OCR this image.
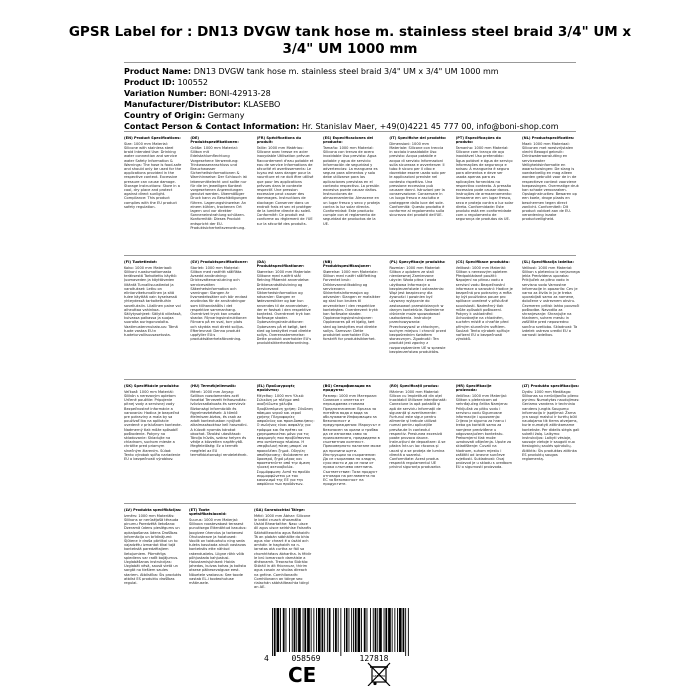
GPSR Label for : DN13 DVGW tank hose m. stainless steel braid 3/4" UM x 3/4" UM 1000 mm
Product Name: DN13 DVGW tank hose m. stainless steel braid 3/4" UM x 3/4" UM 1000 mm
Product ID: 100552
Variation Number: BONI-42913-28
Manufacturer/Distributor: KLASEBO
Country of Origin: Germany
Contact Person & Contact Information: Hr. Stanislav Maer, +49(0)4221 45 777 00, info@boni-shop.com
(EN) Product Specifications:
Size: 1000 mm Material: Silicone with stainless steel braid Intended Use: Drinking water connection and service water Safety Information & Warnings: The hose is food-safe and should only be used for the applications provided in the respective context. Excessive pressure can cause damage. Storage Instructions: Store in a cool, dry place and protect against direct sunlight. Compliance: This product complies with the EU product safety regulation.
(DE) Produktspezifikationen:
Größe: 1000 mm Material: Silikon mit Edelstahlumflechtung Vorgesehene Verwendung: Trinkwasseranschluss und Brauchwasser Sicherheitsinformationen & Warnhinweise: Der Schlauch ist lebensmittelecht und sollte nur für die im jeweiligen Kontext vorgesehenen Anwendungen genutzt werden. Übermäßiger Druck kann zu Beschädigungen führen. Lagerungshinweise: An einem kühlen, trockenen Ort lagern und vor direkter Sonneneinstrahlung schützen. Konformität: Dieses Produkt entspricht der EU-Produktsicherheitsverordnung.
(FR) Spécifications du produit:
Taille: 1000 mm Matériau: Silicone avec tresse en acier inoxydable Utilisation prévue: Raccordement d'eau potable et eau de service Informations de sécurité et avertissements: Le tuyau est sans danger pour la nourriture et ne doit être utilisé que pour les applications prévues dans le contexte respectif. Une pression excessive peut causer des dommages. Instructions de stockage: Conserver dans un endroit frais et sec et protéger de la lumière directe du soleil. Conformité: Ce produit est conforme au règlement de l'UE sur la sécurité des produits.
(ES) Especificaciones del producto:
Tamaño: 1000 mm Material: Silicona con trenza de acero inoxidable Uso previsto: Agua potable y agua de servicio Información de seguridad y advertencias: La manguera es segura para alimentos y solo debe utilizarse para las aplicaciones previstas en el contexto respectivo. La presión excesiva puede causar daños. Instrucciones de almacenamiento: Almacene en un lugar fresco y seco y proteja contra la luz solar directa. Conformidad: Este producto cumple con el reglamento de seguridad de productos de la UE.
(IT) Specifiche del prodotto:
Dimensioni: 1000 mm Materiale: Silicone con treccia in acciaio inossidabile Uso previsto: Acqua potabile e acqua di servizio Informazioni sulla sicurezza e avvertenze: Il tubo è sicuro per il cibo e dovrebbe essere usato solo per le applicazioni previste nel contesto rispettivo. Una pressione eccessiva può causare danni. Istruzioni per la conservazione: Conservare in un luogo fresco e asciutto e proteggere dalla luce del sole. Conformità: Questo prodotto è conforme al regolamento sulla sicurezza dei prodotti dell'UE.
(PT) Especificações do produto:
Tamanho: 1000 mm Material: Silicone com trança de aço inoxidável Uso pretendido: Água potável e água de serviço Informações de segurança e avisos: A mangueira é segura para alimentos e deve ser usada apenas para as aplicações fornecidas no respectivo contexto. A pressão excessiva pode causar danos. Instruções de armazenamento: Armazene em um lugar fresco, seco e proteja contra a luz solar direta. Conformidade: Este produto está em conformidade com o regulamento de segurança de produtos da UE.
(NL) Productspecificaties:
Maat: 1000 mm Materiaal: Siliconen met roestvrijstalen vlecht Beoogd gebruik: Drinkwateraansluiting en servicewater Veiligheidsinformatie en waarschuwingen: De slang is voedselveilig en mag alleen worden gebruikt voor de in de respectieve context voorziene toepassingen. Overmatige druk kan schade veroorzaken. Opslaginstructies: Bewaren op een koele, droge plaats en beschermen tegen direct zonlicht. Conformiteit: Dit product voldoet aan de EU-verordening inzake productveiligheid.
(FI) Tuotetiedot:
Koko: 1000 mm Materiaali: Silikoni ruostumattomasta teräksestä Tarkoitettu käyttö: Juomaveden ja käyttöveden liitäntä Turvallisuustiedot ja varoitukset: Letku on elintarviketurvallinen ja sitä tulee käyttää vain kyseisessä yhteydessä tarkoitettuihin sovelluksiin. Liiallinen paine voi aiheuttaa vahinkoa. Säilytysohjeet: Säilytä viileässä, kuivassa paikassa ja suojaa suoralta auringonvalolta. Vaatimustenmukaisuus: Tämä tuote vastaa EU:n tuoteturvallisuusasetusta.
(SV) Produktspecifikationer:
Storlek: 1000 mm Material: Silikon med rostfritt stålfläta Avsedd användning: Dricksvattenanslutning och servicevatten Säkerhetsinformation och varningar: Slangen är livsmedelssäker och bör endast användas för de användningar som tillhandahålls i det respektive sammanhang. Överdrivet tryck kan orsaka skador. Förvaringsinstruktioner: Förvara på en sval, torr plats och skydda mot direkt solljus. Efterlevnad: Denna produkt uppfyller EU:s produktsäkerhetsförordning.
(DA) Produktspecifikationer:
Størrelse: 1000 mm Materiale: Silikone med rustfrit stål fletning Påtænkt anvendelse: Drikkevandstilslutning og servicevand Sikkerhedsinformation og advarsler: Slangen er fødevaresikker og bør kun anvendes til de anvendelser, der er fastsat i den respektive kontekst. Overdrevet tryk kan forårsage skader. Opbevaringsinstruktioner: Opbevares på et køligt, tørt sted og beskyttet mod direkte sollys. Overensstemmelse: Dette produkt overholder EU's produktsikkerhedsforordning.
(NB) Produktspesifikasjoner:
Størrelse: 1000 mm Materiale: Silikon med rustfri stålfletting Forventet bruk: Drikkevannstilkobling og servicevann Sikkerhetsinformasjon og advarsler: Slangen er matsikker og skal kun brukes til anvendelser i den respektive konteksten. Overdrevent trykk kan forårsake skader. Oppbevaringsinstruksjoner: Oppbevares på et kjølig, tørt sted og beskyttes mot direkte sollys. Samsvar: Dette produktet overholder EUs forskrift for produktsikkerhet.
(PL) Specyfikacje produktu:
Rozmiar: 1000 mm Materiał: Silikon z oplotem ze stali nierdzewnej Zamierzone użycie: Woda pitna i woda użytkowa Informacje o bezpieczeństwie i ostrzeżenia: Wąż jest bezpieczny dla żywności i powinien być używany wyłącznie do zastosowań przewidzianych w danym kontekście. Nadmierne ciśnienie może spowodować uszkodzenia. Instrukcje przechowywania: Przechowywać w chłodnym, suchym miejscu i chronić przed bezpośrednim światłem słonecznym. Zgodność: Ten produkt jest zgodny z rozporządzeniem UE w sprawie bezpieczeństwa produktów.
(CS) Specifikace produktu:
Velikost: 1000 mm Materiál: Silikon s nerezovým opletem Předpokládané použití: Napojení na pitnou vodu a servisní vodu Bezpečnostní informace a varování: Hadice je bezpečná pro potraviny a měla by být používána pouze pro aplikace uvedené v příslušné souvislosti. Nadměrný tlak může způsobit poškození. Pokyny k uskladnění: Uchovávejte na chladném, suchém místě a chraňte před přímým slunečním světlem. Soulad: Tento výrobek splňuje nařízení EU o bezpečnosti výrobků.
(SL) Specifikacija izdelka:
Velikost: 1000 mm Material: Silikon s pletenico iz nerjavnega jekla Predvidena uporaba: Priključek za pitno vodo in servisno vodo Varnostne informacije in opozorila: Cev je varna za živila in jo je treba uporabljati samo za namene, določene v ustreznem okviru. Čezmeren pritisk lahko povzroči poškodbe. Navodila za shranjevanje: Shranjujte na hladnem, suhem mestu in zaščitite pred neposredno sončno svetlobo. Skladnost: Ta izdelek ustreza uredbi EU o varnosti izdelkov.
(SK) Špecifikácie produktu:
Veľkosť: 1000 mm Materiál: Silikón s nerezovým opletom Určené použitie: Pripojenie pitnej vody a servisnej vody Bezpečnostné informácie a varovania: Hadica je bezpečná pre potraviny a mala by sa používať iba na aplikácie uvedené v príslušnom kontexte. Nadmerný tlak môže spôsobiť poškodenie. Pokyny na skladovanie: Skladujte na chladnom, suchom mieste a chráňte pred priamym slnečným žiarením. Súlad: Tento výrobok spĺňa nariadenie EÚ o bezpečnosti výrobkov.
(HU) Termékjellemzők:
Méret: 1000 mm Anyag: Szilikon rozsdamentes acél fonattal Tervezett felhasználás: Ivóvízcsatlakozás és szervizvíz Biztonsági információk és figyelmeztetések: A tömlő élelmiszer-biztos, és csak az adott kontextusban nyújtott alkalmazásokhoz kell használni. A túlzott nyomás károkat okozhat. Tárolási utasítások: Tárolja hűvös, száraz helyen és védje a közvetlen napfénytől. Megfelelőség: Ez a termék megfelel az EU termékbiztonsági rendeletének.
(EL) Προδιαγραφές προϊόντος:
Μέγεθος: 1000 mm Υλικό: Σιλικόνη με πλέγμα από ανοξείδωτο χάλυβα Προβλεπόμενη χρήση: Σύνδεση πόσιμου νερού και νερού χρήσης Πληροφορίες ασφαλείας και προειδοποιήσεις: Ο σωλήνας είναι ασφαλής για τρόφιμα και θα πρέπει να χρησιμοποιείται μόνο για τις εφαρμογές που προβλέπονται στο αντίστοιχο πλαίσιο. Η υπερβολική πίεση μπορεί να προκαλέσει ζημιά. Οδηγίες αποθήκευσης: Φυλάσσετε σε δροσερό, ξηρό μέρος και προστατεύετε από την άμεση ηλιακή ακτινοβολία. Συμμόρφωση: Αυτό το προϊόν συμμορφώνεται με τον κανονισμό της ΕΕ για την ασφάλεια των προϊόντων.
(BG) Спецификации на продукта:
Размер: 1000 mm Материал: Силикон с оплетка от неръждаема стомана Предназначение: Връзка за питейна вода и вода за обслужване Информация за безопасност и предупреждения: Маркучът е безопасен за храни и трябва да се използва само за приложенията, предвидени в съответния контекст. Прекомерното налягане може да причини щети. Инструкции за съхранение: Да се съхранява на хладно, сухо място и да се пази от пряка слънчева светлина. Съответствие: Този продукт отговаря на регламента на ЕС за безопасност на продуктите.
(RO) Specificații produs:
Mărime: 1000 mm Material: Silicon cu împletitură din oțel inoxidabil Utilizare intenționată: Conexiune la apă potabilă și apă de serviciu Informații de siguranță și avertismente: Furtunul este sigur pentru alimente și trebuie utilizat numai pentru aplicațiile prevăzute în contextul respectiv. Presiunea excesivă poate provoca daune. Instrucțiuni de depozitare: A se păstra într-un loc răcoros și uscat și a se proteja de lumina directă a soarelui. Conformitate: Acest produs respectă regulamentul UE privind siguranța produselor.
(HR) Specifikacije proizvoda:
Veličina: 1000 mm Materijal: Silikon s pletenicom od nehrđajućeg čelika Namjena: Priključak za pitku vodu i servisnu vodu Sigurnosne informacije i upozorenja: Crijevo je sigurno za hranu i treba ga koristiti samo za namjene predviđene u odgovarajućem kontekstu. Prekomjerni tlak može uzrokovati oštećenja. Upute za skladištenje: Čuvati na hladnom, suhom mjestu i zaštititi od izravne sunčeve svjetlosti. Sukladnost: Ovaj proizvod je u skladu s uredbom EU o sigurnosti proizvoda.
(LT) Produkto specifikacijos:
Dydis: 1000 mm Medžiaga: Silikonas su nerūdijančio plieno pynimu Numatytas naudojimas: Geriamo vandens ir techninio vandens jungtis Saugumo informacija ir įspėjimai: Žarna yra saugi maistui ir turėtų būti naudojama tik tiems atvejams, kurie numatyti atitinkamame kontekste. Per didelis slėgis gali sukelti žalą. Laikymo instrukcijos: Laikyti vėsioje, sausoje vietoje ir saugoti nuo tiesioginių saulės spindulių. Atitiktis: Šis produktas atitinka ES produktų saugos reglamentą.
(LV) Produkta specifikācijas:
Izmērs: 1000 mm Materiāls: Silikons ar nerūsējošā tērauda pinumu Paredzētā lietošana: Dzeramā ūdens pieslēgums un apkalpošanas ūdens Drošības informācija un brīdinājumi: Šļūtene ir droša pārtikai un to vajadzētu izmantot tikai tajā kontekstā paredzētajiem lietojumiem. Pārmērīgs spiediens var radīt bojājumus. Uzglabāšanas instrukcijas: Uzglabāt vēsā, sausā vietā un sargāt no tiešiem saules stariem. Atbilstība: Šis produkts atbilst ES produktu drošības regulai.
(ET) Toote spetsifikatsioonid:
Suurus: 1000 mm Materjal: Silikoon roostevabast terasest punutisega Ettenähtud kasutus: Joogivee ühendus ja tarbevesi Ohutusteave ja hoiatused: Voolik on toiduohutu ning seda tuleks kasutada ainult vastavas kontekstis ette nähtud rakendusteks. Liigne rõhk võib põhjustada kahjustusi. Hoiustamisjuhised: Hoida jahedas, kuivas kohas ja kaitsta otsese päikesevalguse eest. Nõuetele vastavus: See toode vastab EL-i tooteohutuse määrusele.
(GA) Sonraíochtaí Táirge:
Méid: 1000 mm Ábhar: Silicone le bráid cruach dhosmálta Úsáid Bheartaithe: Nasc uisce óil agus uisce seirbhíse Faisnéis Sábháilteachta agus Rabhaidh: Tá an píobán sábháilte do bhia agus níor cheart é a úsáid ach amháin le haghaidh na n-iarratas atá curtha ar fáil sa chomhthéacs ábhartha. Is féidir le brú iomarcach damáiste a dhéanamh. Treoracha Stórála: Stóráil in áit fhionnuar, thirim agus cosain ar sholas díreach na gréine. Comhlíonadh: Comhlíonann an táirge seo rialachán sábháilteachta táirgí an AE.
4	058569	127818
CE	GEBÜHR
